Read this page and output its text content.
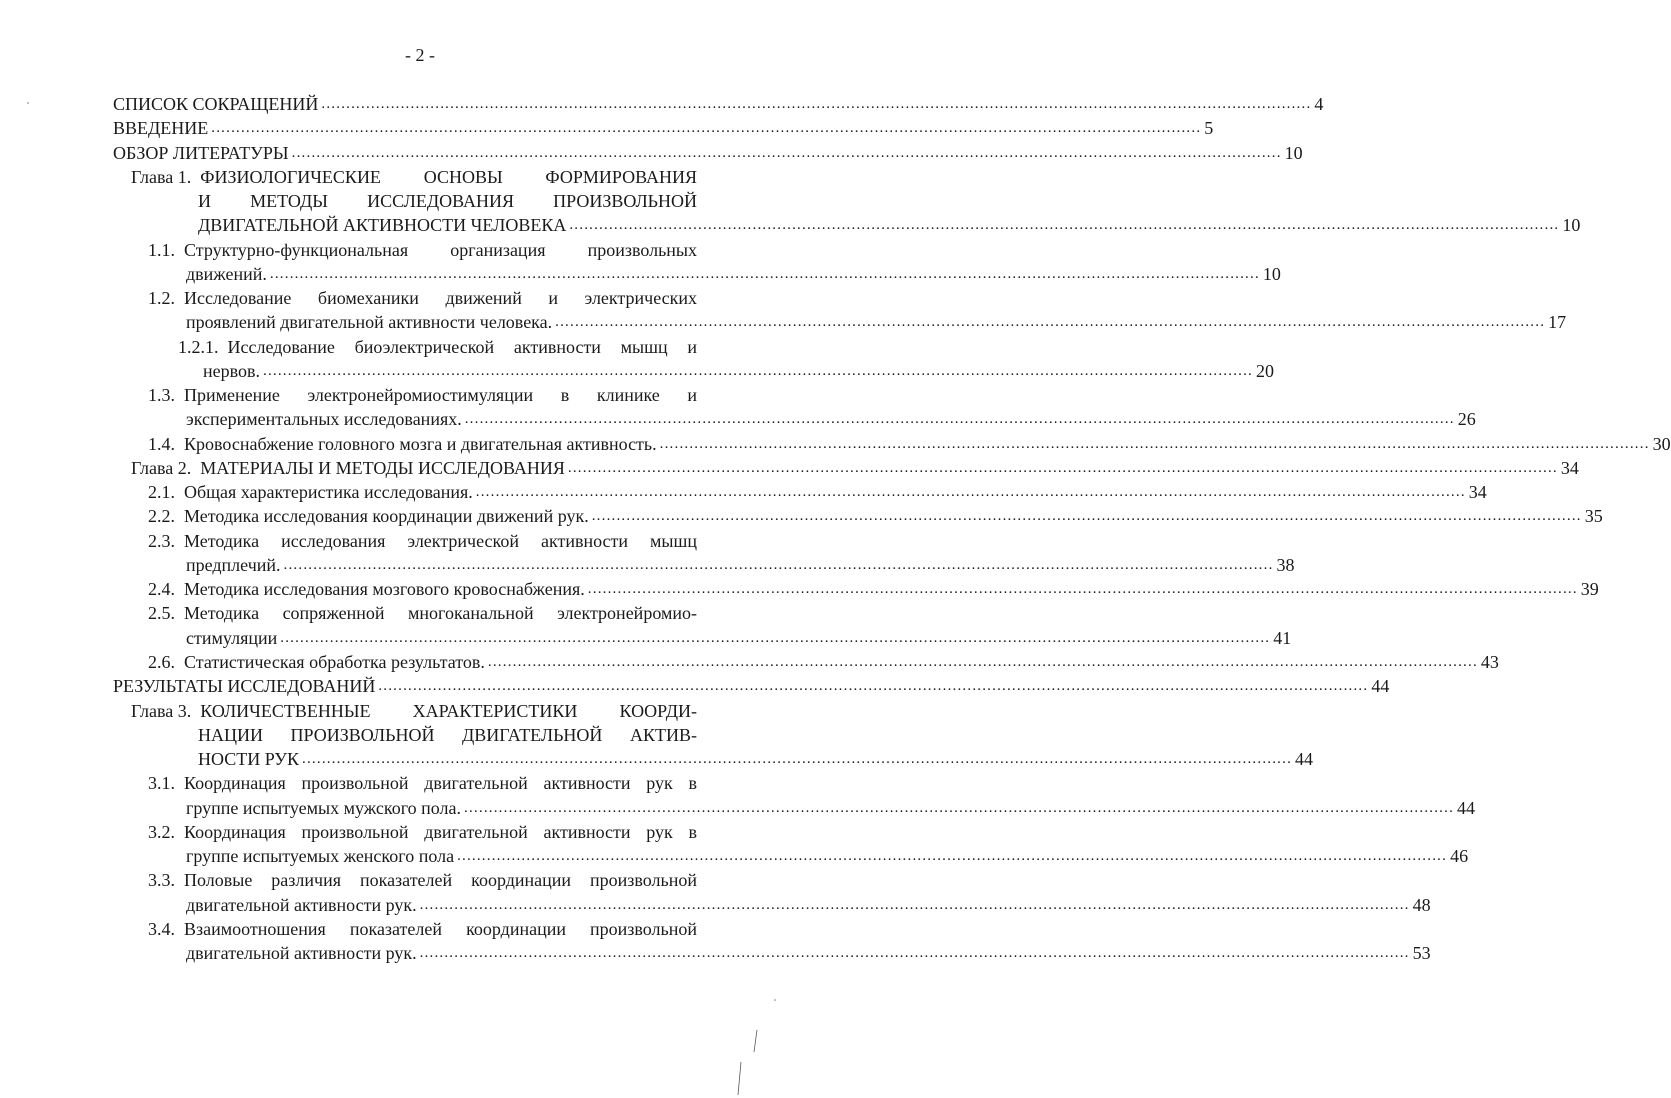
- 2 -
СПИСОК СОКРАЩЕНИЙ ........................................................................................................................................................................................................ 4
ВВЕДЕНИЕ ........................................................................................................................................................................................................ 5
ОБЗОР ЛИТЕРАТУРЫ ........................................................................................................................................................................................................ 10
Глава 1. ФИЗИОЛОГИЧЕСКИЕ ОСНОВЫ ФОРМИРОВАНИЯ
И МЕТОДЫ ИССЛЕДОВАНИЯ ПРОИЗВОЛЬНОЙ
ДВИГАТЕЛЬНОЙ АКТИВНОСТИ ЧЕЛОВЕКА ........................................................................................................................................................................................................ 10
1.1. Структурно-функциональная организация произвольных
движений. ........................................................................................................................................................................................................ 10
1.2. Исследование биомеханики движений и электрических
проявлений двигательной активности человека. ........................................................................................................................................................................................................ 17
1.2.1. Исследование биоэлектрической активности мышц и
нервов. ........................................................................................................................................................................................................ 20
1.3. Применение электронейромиостимуляции в клинике и
экспериментальных исследованиях. ........................................................................................................................................................................................................ 26
1.4. Кровоснабжение головного мозга и двигательная активность. ........................................................................................................................................................................................................ 30
Глава 2. МАТЕРИАЛЫ И МЕТОДЫ ИССЛЕДОВАНИЯ ........................................................................................................................................................................................................ 34
2.1. Общая характеристика исследования. ........................................................................................................................................................................................................ 34
2.2. Методика исследования координации движений рук. ........................................................................................................................................................................................................ 35
2.3. Методика исследования электрической активности мышц
предплечий. ........................................................................................................................................................................................................ 38
2.4. Методика исследования мозгового кровоснабжения. ........................................................................................................................................................................................................ 39
2.5. Методика сопряженной многоканальной электронейромио-
стимуляции ........................................................................................................................................................................................................ 41
2.6. Статистическая обработка результатов. ........................................................................................................................................................................................................ 43
РЕЗУЛЬТАТЫ ИССЛЕДОВАНИЙ ........................................................................................................................................................................................................ 44
Глава 3. КОЛИЧЕСТВЕННЫЕ ХАРАКТЕРИСТИКИ КООРДИ-
НАЦИИ ПРОИЗВОЛЬНОЙ ДВИГАТЕЛЬНОЙ АКТИВ-
НОСТИ РУК ........................................................................................................................................................................................................ 44
3.1. Координация произвольной двигательной активности рук в
группе испытуемых мужского пола. ........................................................................................................................................................................................................ 44
3.2. Координация произвольной двигательной активности рук в
группе испытуемых женского пола ........................................................................................................................................................................................................ 46
3.3. Половые различия показателей координации произвольной
двигательной активности рук. ........................................................................................................................................................................................................ 48
3.4. Взаимоотношения показателей координации произвольной
двигательной активности рук. ........................................................................................................................................................................................................ 53
